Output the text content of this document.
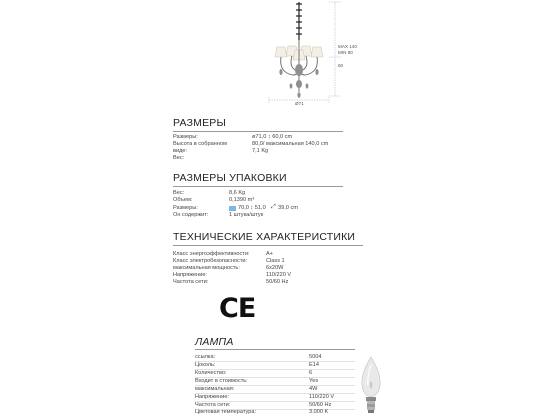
MAX 140
MIN 80
60
Ø71
РАЗМЕРЫ
Размеры:	ø71,0 ↕ 60,0 cm
Высота в собранном	80,0/ максимальная 140,0 cm
виде:	7,1 Kg
Вес:
РАЗМЕРЫ УПАКОВКИ
Вес:	8,6 Kg
Объем:	0,1390 m³
Размеры:	70,0 ↕ 51,0 ⤢ 39,0 cm
Он содержит:	1 штука/штук
ТЕХНИЧЕСКИЕ ХАРАКТЕРИСТИКИ
Класс энергоэффективности:	A+
Класс электробезопасности:	Class 1
максимальная мощность:	6x20W
Напряжение:	110/220 V
Частота сети:	50/60 Hz
CE
ЛАМПА
ссылка:	5004
Цоколь:	E14
Количество:	6
Входит в стоимость:	Yes
максимальная:	4W
Напряжение:	110/220 V
Частота сети:	50/60 Hz
Цветовая температура:	3.000 K
